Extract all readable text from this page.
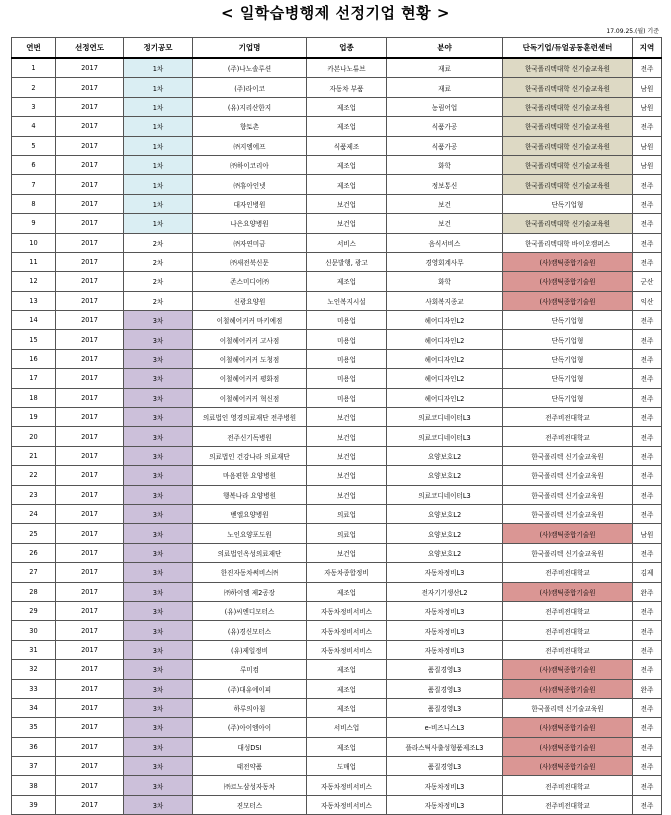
< 일학습병행제 선정기업 현황 >
17.09.25.(월) 기준
연번	선정연도	정기공모	기업명	업종	분야	단독기업/듀얼공동훈련센터	지역
1	2017	1차	(주)나노솔루션	카본나노튜브	재료	한국폴리텍대학 신기술교육원	전주
2	2017	1차	(주)라이코	자동차 부품	재료	한국폴리텍대학 신기술교육원	남원
3	2017	1차	(유)지리산한지	제조업	농림어업	한국폴리텍대학 신기술교육원	남원
4	2017	1차	향토촌	제조업	식품가공	한국폴리텍대학 신기술교육원	전주
5	2017	1차	㈜지엠에프	식품제조	식품가공	한국폴리텍대학 신기술교육원	남원
6	2017	1차	㈜하이코리아	제조업	화학	한국폴리텍대학 신기술교육원	남원
7	2017	1차	㈜휴아인넷	제조업	정보통신	한국폴리텍대학 신기술교육원	전주
8	2017	1차	대자인병원	보건업	보건	단독기업형	전주
9	2017	1차	나은요양병원	보건업	보건	한국폴리텍대학 신기술교육원	전주
10	2017	2차	㈜자연미금	서비스	음식서비스	한국폴리텍대학 바이오캠퍼스	전주
11	2017	2차	㈜새전북신문	신문발행, 광고	경영회계사무	(사)캠틱종합기술원	전주
12	2017	2차	존스미디어㈜	제조업	화학	(사)캠틱종합기술원	군산
13	2017	2차	신광요양원	노인복지시설	사회복지종교	(사)캠틱종합기술원	익산
14	2017	3차	이철헤어커커 마키예점	미용업	헤어디자인L2	단독기업형	전주
15	2017	3차	이철헤어커커 고사점	미용업	헤어디자인L2	단독기업형	전주
16	2017	3차	이철헤어커커 도청점	미용업	헤어디자인L2	단독기업형	전주
17	2017	3차	이철헤어커커 평화점	미용업	헤어디자인L2	단독기업형	전주
18	2017	3차	이철헤어커커 혁신점	미용업	헤어디자인L2	단독기업형	전주
19	2017	3차	의료법인 영경의료재단 전주병원	보건업	의료코디네이터L3	전주비전대학교	전주
20	2017	3차	전주신기독병원	보건업	의료코디네이터L3	전주비전대학교	전주
21	2017	3차	의료법인 건강나라 의료재단	보건업	요양보호L2	한국폴리텍 신기술교육원	전주
22	2017	3차	마음편한 요양병원	보건업	요양보호L2	한국폴리텍 신기술교육원	전주
23	2017	3차	행복나라 요양병원	보건업	의료코디네이터L3	한국폴리텍 신기술교육원	전주
24	2017	3차	벧엘요양병원	의료업	요양보호L2	한국폴리텍 신기술교육원	전주
25	2017	3차	노인요양포도원	의료업	요양보호L2	(사)캠틱종합기술원	남원
26	2017	3차	의료법인옥성의료재단	보건업	요양보호L2	한국폴리텍 신기술교육원	전주
27	2017	3차	한진자동차써비스㈜	자동차종합정비	자동차정비L3	전주비전대학교	김제
28	2017	3차	㈜하이엠 제2공장	제조업	전자기기생산L2	(사)캠틱종합기술원	완주
29	2017	3차	(유)씨엔디모터스	자동차정비서비스	자동차정비L3	전주비전대학교	전주
30	2017	3차	(유)경신모터스	자동차정비서비스	자동차정비L3	전주비전대학교	전주
31	2017	3차	(유)제일정비	자동차정비서비스	자동차정비L3	전주비전대학교	전주
32	2017	3차	루미컴	제조업	품질경영L3	(사)캠틱종합기술원	전주
33	2017	3차	(주)대유에이피	제조업	품질경영L3	(사)캠틱종합기술원	완주
34	2017	3차	하루의아침	제조업	품질경영L3	한국폴리텍 신기술교육원	전주
35	2017	3차	(주)아이엠아이	서비스업	e-비즈니스L3	(사)캠틱종합기술원	전주
36	2017	3차	대성DSI	제조업	플라스틱사출성형품제조L3	(사)캠틱종합기술원	전주
37	2017	3차	태전약품	도매업	품질경영L3	(사)캠틱종합기술원	전주
38	2017	3차	㈜르노삼성자동차	자동차정비서비스	자동차정비L3	전주비전대학교	전주
39	2017	3차	진모터스	자동차정비서비스	자동차정비L3	전주비전대학교	전주
